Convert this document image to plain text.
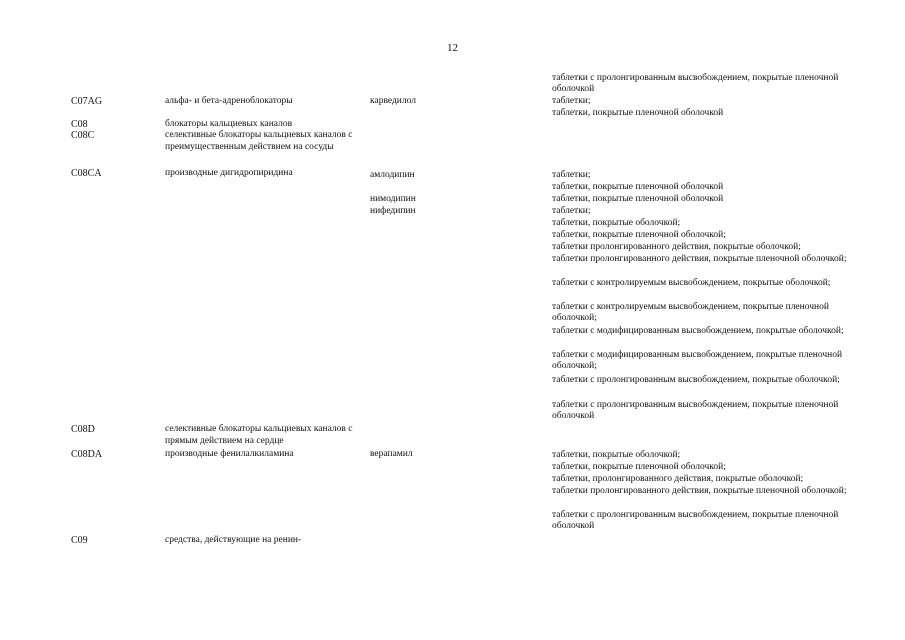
12
таблетки с пролонгированным высвобождением, покрытые пленочной оболочкой
C07AG	альфа- и бета-адреноблокаторы	карведилол	таблетки;
таблетки, покрытые пленочной оболочкой
C08	блокаторы кальциевых каналов
C08C	селективные блокаторы кальциевых каналов с преимущественным действием на сосуды
C08CA	производные дигидропиридина	амлодипин	таблетки;
таблетки, покрытые пленочной оболочкой
нимодипин	таблетки, покрытые пленочной оболочкой
нифедипин	таблетки;
таблетки, покрытые оболочкой;
таблетки, покрытые пленочной оболочкой;
таблетки пролонгированного действия, покрытые оболочкой;
таблетки пролонгированного действия, покрытые пленочной оболочкой;
таблетки с контролируемым высвобождением, покрытые оболочкой;
таблетки с контролируемым высвобождением, покрытые пленочной оболочкой;
таблетки с модифицированным высвобождением, покрытые оболочкой;
таблетки с модифицированным высвобождением, покрытые пленочной оболочкой;
таблетки с пролонгированным высвобождением, покрытые оболочкой;
таблетки с пролонгированным высвобождением, покрытые пленочной оболочкой
C08D	селективные блокаторы кальциевых каналов с прямым действием на сердце
C08DA	производные фенилалкиламина	верапамил	таблетки, покрытые оболочкой;
таблетки, покрытые пленочной оболочкой;
таблетки, пролонгированного действия, покрытые оболочкой;
таблетки пролонгированного действия, покрытые пленочной оболочкой;
таблетки с пролонгированным высвобождением, покрытые пленочной оболочкой
C09	средства, действующие на ренин-
